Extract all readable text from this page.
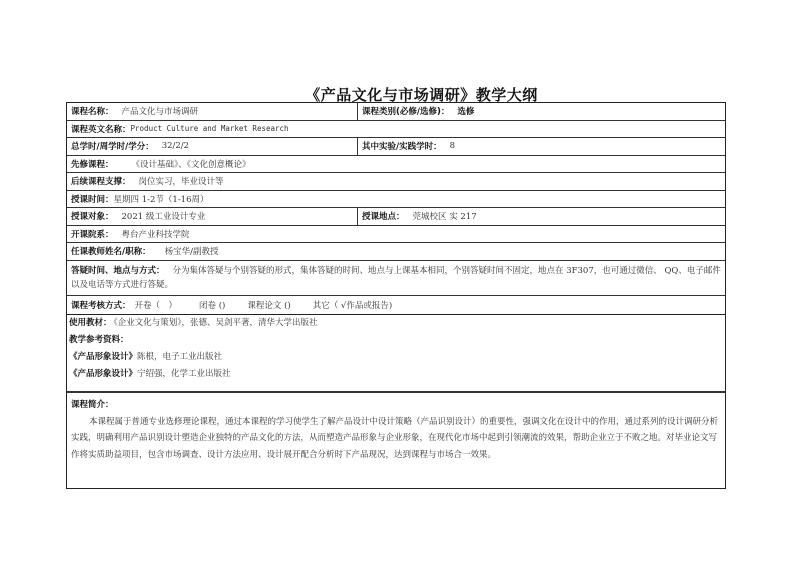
《产品文化与市场调研》教学大纲
课程名称： 产品文化与市场调研	课程类别(必修/选修)： 选修
课程英文名称： Product Culture and Market Research
总学时/周学时/学分： 32/2/2	其中实验/实践学时： 8
先修课程： 《设计基础》、《文化创意概论》
后续课程支撑： 岗位实习，毕业设计等
授课时间： 星期四 1-2节（1-16周）
授课对象： 2021 级工业设计专业	授课地点： 莞城校区 实 217
开课院系： 粤台产业科技学院
任课教师姓名/职称： 杨宝华/副教授
答疑时间、地点与方式： 分为集体答疑与个别答疑的形式，集体答疑的时间、地点与上课基本相同，个别答疑时间不固定，地点在 3F307，也可通过微信、 QQ、电子邮件以及电话等方式进行答疑。
课程考核方式： 开卷（　）	闭卷 ()	课程论文 ()	其它（ √作品或报告)
使用教材： 《企业文化与策划》，张德、吴剑平著，清华大学出版社
教学参考资料：
《产品形象设计》陈根，电子工业出版社
《产品形象设计》宁绍强，化学工业出版社
课程简介：
本课程属于普通专业选修理论课程，通过本课程的学习使学生了解产品设计中设计策略（产品识别设计）的重要性，强调文化在设计中的作用，通过系列的设计调研分析实践，明确利用产品识别设计塑造企业独特的产品文化的方法，从而塑造产品形象与企业形象，在现代化市场中起到引领潮流的效果，帮助企业立于不败之地。对毕业论文写作将实质助益项目，包含市场调查、设计方法应用、设计展开配合分析时下产品现况，达到课程与市场合一效果。
